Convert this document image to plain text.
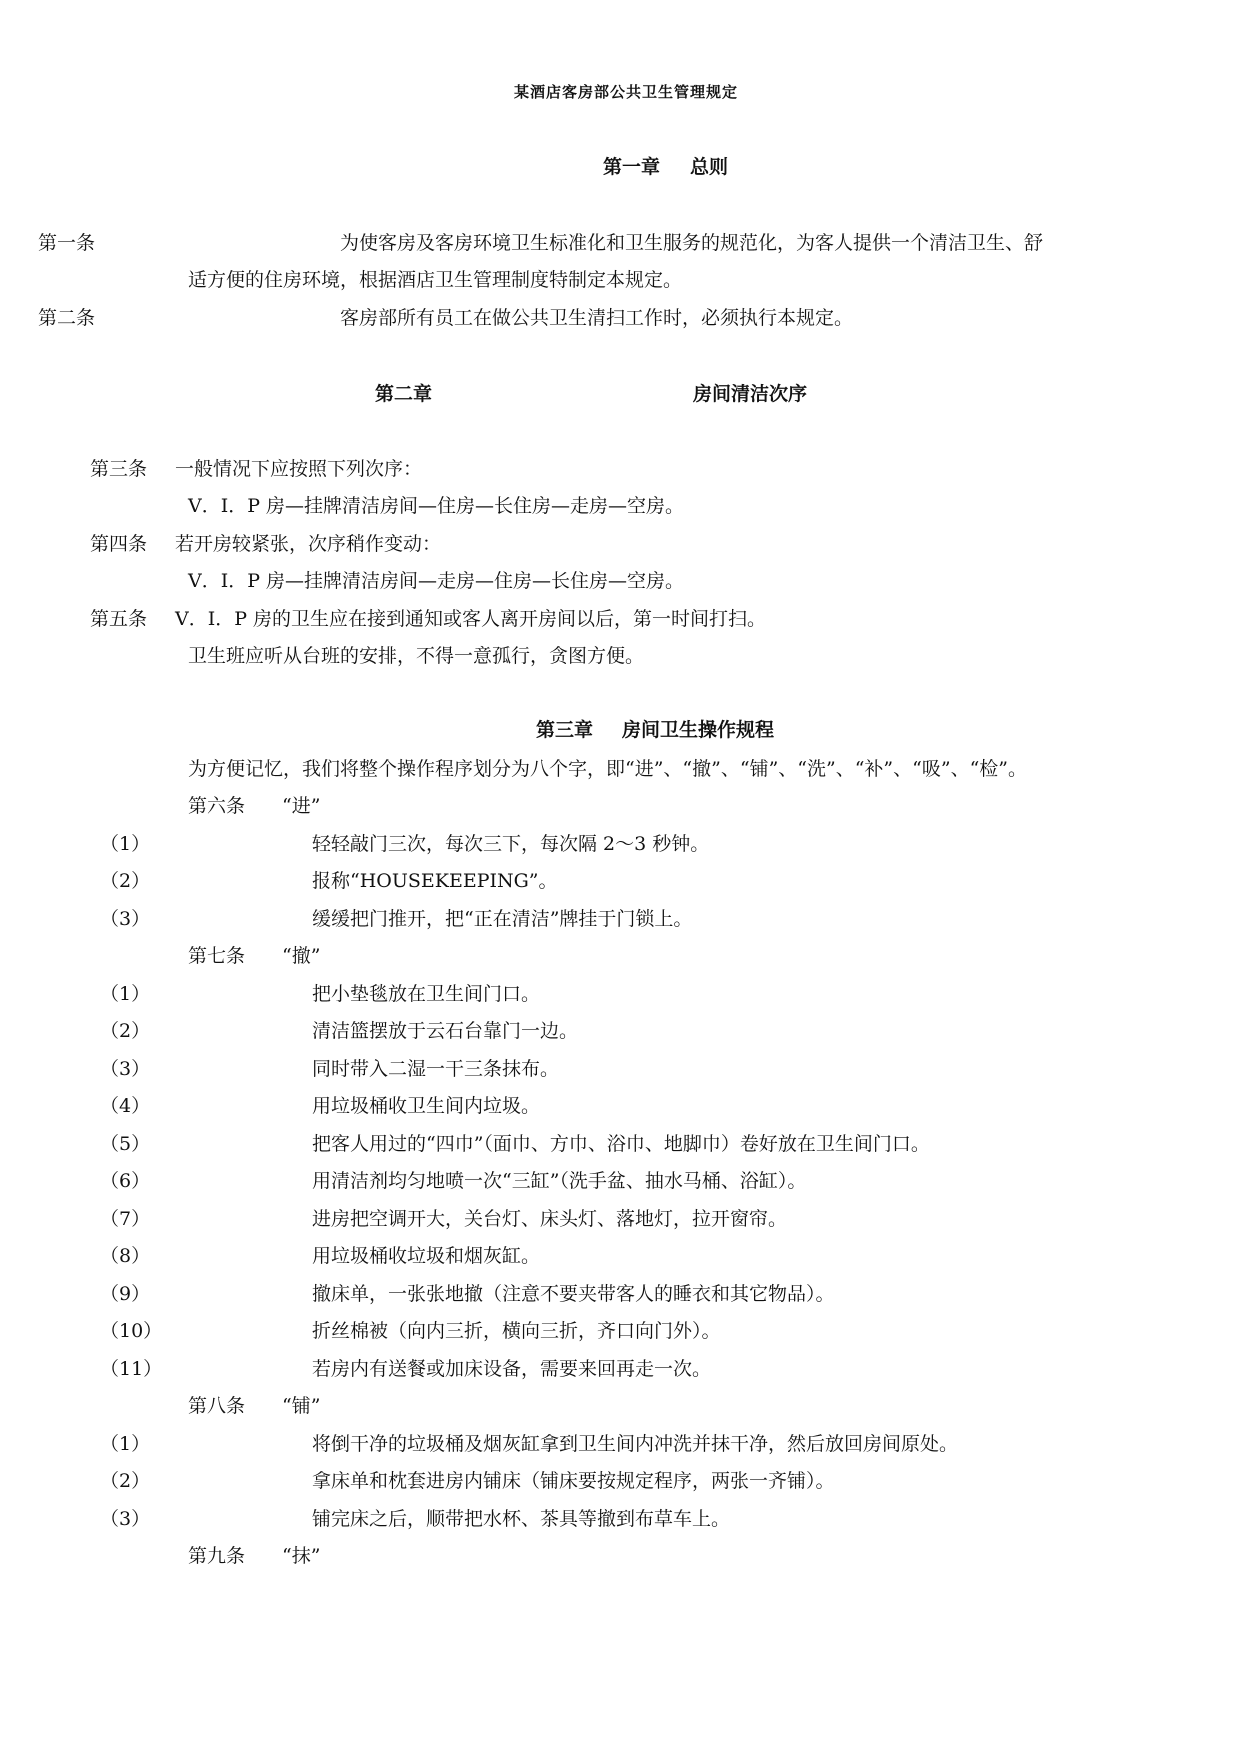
某酒店客房部公共卫生管理规定
第一章 总则
第一条	为使客房及客房环境卫生标准化和卫生服务的规范化，为客人提供一个清洁卫生、舒
适方便的住房环境，根据酒店卫生管理制度特制定本规定。
第二条	客房部所有员工在做公共卫生清扫工作时，必须执行本规定。
第二章	房间清洁次序
第三条 一般情况下应按照下列次序：
V．I．P 房—挂牌清洁房间—住房—长住房—走房—空房。
第四条 若开房较紧张，次序稍作变动：
V．I．P 房—挂牌清洁房间—走房—住房—长住房—空房。
第五条 V．I．P 房的卫生应在接到通知或客人离开房间以后，第一时间打扫。
卫生班应听从台班的安排，不得一意孤行，贪图方便。
第三章 房间卫生操作规程
为方便记忆，我们将整个操作程序划分为八个字，即“进”、“撤”、“铺”、“洗”、“补”、“吸”、“检”。
第六条 “进”
（1）	轻轻敲门三次，每次三下，每次隔 2～3 秒钟。
（2）	报称“HOUSEKEEPING”。
（3）	缓缓把门推开，把“正在清洁”牌挂于门锁上。
第七条 “撤”
（1）	把小垫毯放在卫生间门口。
（2）	清洁篮摆放于云石台靠门一边。
（3）	同时带入二湿一干三条抹布。
（4）	用垃圾桶收卫生间内垃圾。
（5）	把客人用过的“四巾”（面巾、方巾、浴巾、地脚巾）卷好放在卫生间门口。
（6）	用清洁剂均匀地喷一次“三缸”（洗手盆、抽水马桶、浴缸）。
（7）	进房把空调开大，关台灯、床头灯、落地灯，拉开窗帘。
（8）	用垃圾桶收垃圾和烟灰缸。
（9）	撤床单，一张张地撤（注意不要夹带客人的睡衣和其它物品）。
（10）	折丝棉被（向内三折，横向三折，齐口向门外）。
（11）	若房内有送餐或加床设备，需要来回再走一次。
第八条 “铺”
（1）	将倒干净的垃圾桶及烟灰缸拿到卫生间内冲洗并抹干净，然后放回房间原处。
（2）	拿床单和枕套进房内铺床（铺床要按规定程序，两张一齐铺）。
（3）	铺完床之后，顺带把水杯、茶具等撤到布草车上。
第九条 “抹”
